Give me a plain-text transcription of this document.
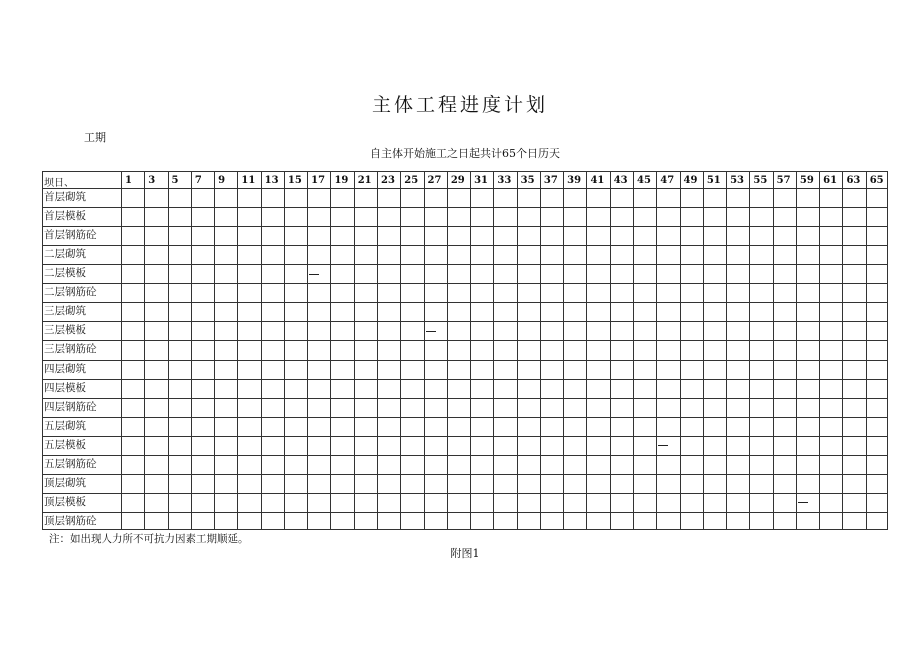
主体工程进度计划
工期
自主体开始施工之日起共计65个日历天
坝日、	1 3 5 7 9 11 13 15 17 19 21 23 25 27 29 31 33 35 37 39 41 43 45 47 49 51 53 55 57 59 61 63 65
首层砌筑
首层模板
首层钢筋砼
二层砌筑
二层模板
二层钢筋砼
三层砌筑
三层模板
三层钢筋砼
四层砌筑
四层模板
四层钢筋砼
五层砌筑
五层模板
五层钢筋砼
顶层砌筑
顶层模板
顶层钢筋砼
注：如出现人力所不可抗力因素工期顺延。
附图1
